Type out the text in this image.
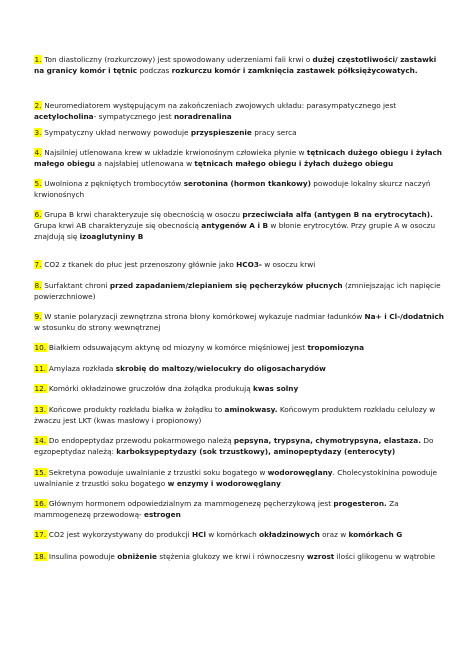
1. Ton diastoliczny (rozkurczowy) jest spowodowany uderzeniami fali krwi o dużej częstotliwości/ zastawki na granicy komór i tętnic podczas rozkurczu komór i zamknięcia zastawek półksiężycowatych.

2. Neuromediatorem występującym na zakończeniach zwojowych układu: parasympatycznego jest acetylocholina- sympatycznego jest noradrenalina

3. Sympatyczny układ nerwowy powoduje przyspieszenie pracy serca

4. Najsilniej utlenowana krew w układzie krwionośnym człowieka płynie w tętnicach dużego obiegu i żyłach małego obiegu a najsłabiej utlenowana w tętnicach małego obiegu i żyłach dużego obiegu

5. Uwolniona z pękniętych trombocytów serotonina (hormon tkankowy) powoduje lokalny skurcz naczyń krwionośnych

6. Grupa B krwi charakteryzuje się obecnością w osoczu przeciwciała alfa (antygen B na erytrocytach). Grupa krwi AB charakteryzuje się obecnością antygenów A i B w błonie erytrocytów. Przy grupie A w osoczu znajdują się izoaglutyniny B

7. CO2 z tkanek do płuc jest przenoszony głównie jako HCO3- w osoczu krwi

8. Surfaktant chroni przed zapadaniem/zlepianiem się pęcherzyków płucnych (zmniejszając ich napięcie powierzchniowe)

9. W stanie polaryzacji zewnętrzna strona błony komórkowej wykazuje nadmiar ładunków Na+ i Cl-/dodatnich w stosunku do strony wewnętrznej

10. Białkiem odsuwającym aktynę od miozyny w komórce mięśniowej jest tropomiozyna

11. Amylaza rozkłada skrobię do maltozy/wielocukry do oligosacharydów

12. Komórki okładzinowe gruczołów dna żołądka produkują kwas solny

13. Końcowe produkty rozkładu białka w żołądku to aminokwasy. Końcowym produktem rozkładu celulozy w żwaczu jest LKT (kwas masłowy i propionowy)

14. Do endopeptydaz przewodu pokarmowego należą pepsyna, trypsyna, chymotrypsyna, elastaza. Do egzopeptydaz należą: karboksypeptydazy (sok trzustkowy), aminopeptydazy (enterocyty)

15. Sekretyna powoduje uwalnianie z trzustki soku bogatego w wodorowęglany. Cholecystokinina powoduje uwalnianie z trzustki soku bogatego w enzymy i wodorowęglany

16. Głównym hormonem odpowiedzialnym za mammogenezę pęcherzykową jest progesteron. Za mammogenezę przewodową- estrogen

17. CO2 jest wykorzystywany do produkcji HCl w komórkach okładzinowych oraz w komórkach G

18. Insulina powoduje obniżenie stężenia glukozy we krwi i równoczesny wzrost ilości glikogenu w wątrobie
